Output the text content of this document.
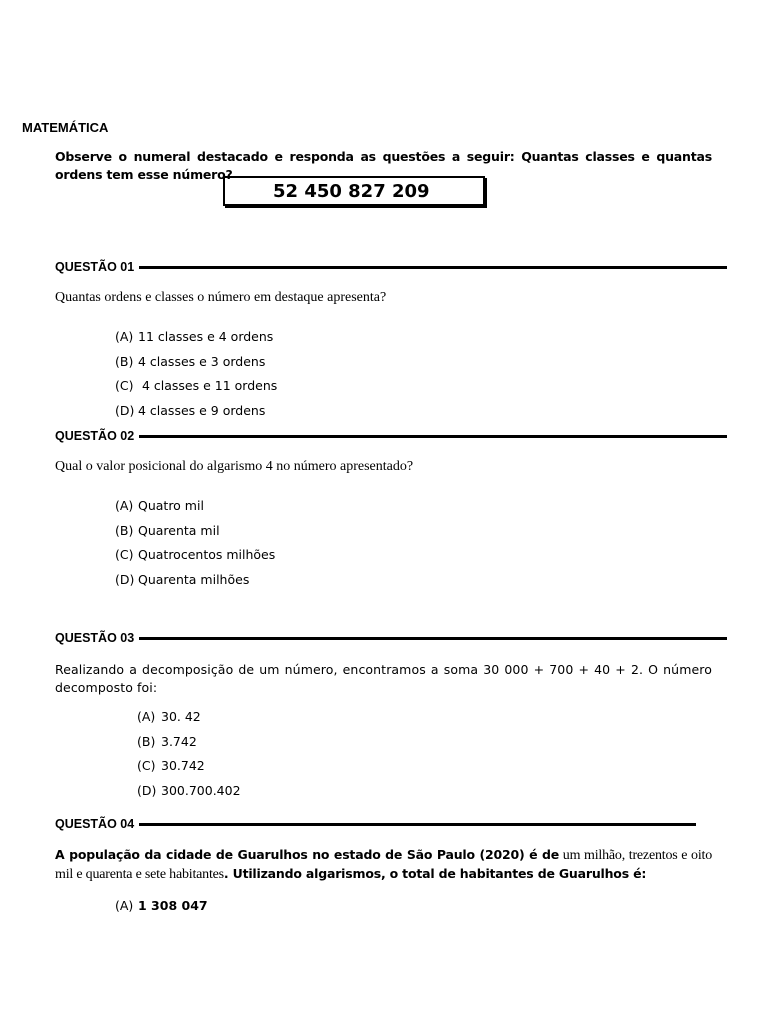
MATEMÁTICA
Observe o numeral destacado e responda as questões a seguir: Quantas classes e quantas ordens tem esse número?
52 450 827 209
QUESTÃO 01
Quantas ordens e classes o número em destaque apresenta?
(A) 11 classes e 4 ordens
(B) 4 classes e 3 ordens
(C) 4 classes e 11 ordens
(D) 4 classes e 9 ordens
QUESTÃO 02
Qual o valor posicional do algarismo 4 no número apresentado?
(A) Quatro mil
(B) Quarenta mil
(C) Quatrocentos milhões
(D) Quarenta milhões
QUESTÃO 03
Realizando a decomposição de um número, encontramos a soma 30 000 + 700 + 40 + 2. O número decomposto foi:
(A) 30. 42
(B) 3.742
(C) 30.742
(D) 300.700.402
QUESTÃO 04
A população da cidade de Guarulhos no estado de São Paulo (2020) é de um milhão, trezentos e oito mil e quarenta e sete habitantes. Utilizando algarismos, o total de habitantes de Guarulhos é:
(A) 1 308 047
